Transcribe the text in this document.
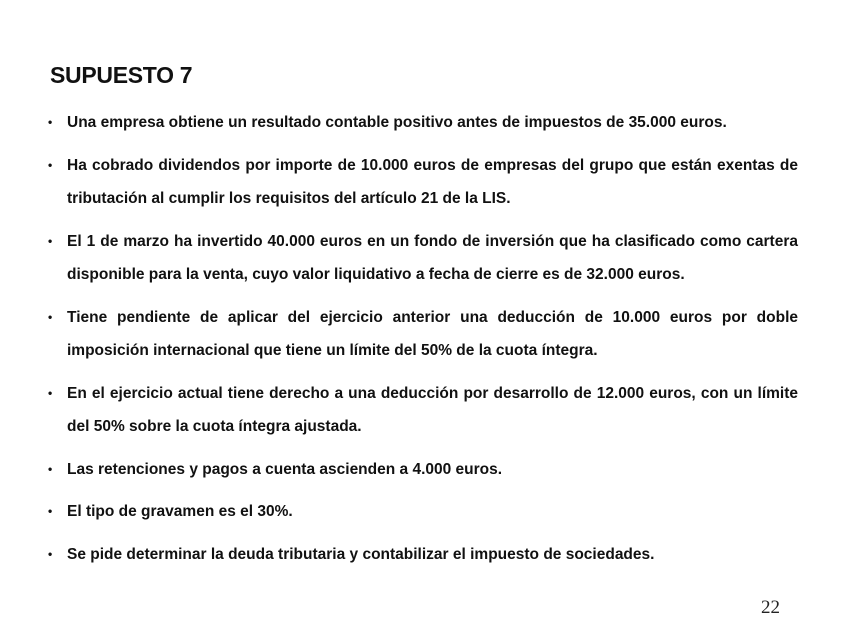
SUPUESTO 7
• Una empresa obtiene un resultado contable positivo antes de impuestos de 35.000 euros.
• Ha cobrado dividendos por importe de 10.000 euros de empresas del grupo que están exentas de tributación al cumplir los requisitos del artículo 21 de la LIS.
• El 1 de marzo ha invertido 40.000 euros en un fondo de inversión que ha clasificado como cartera disponible para la venta, cuyo valor liquidativo a fecha de cierre es de 32.000 euros.
• Tiene pendiente de aplicar del ejercicio anterior una deducción de 10.000 euros por doble imposición internacional que tiene un límite del 50% de la cuota íntegra.
• En el ejercicio actual tiene derecho a una deducción por desarrollo de 12.000 euros, con un límite del 50% sobre la cuota íntegra ajustada.
• Las retenciones y pagos a cuenta ascienden a 4.000 euros.
• El tipo de gravamen es el 30%.
• Se pide determinar la deuda tributaria y contabilizar el impuesto de sociedades.
22
